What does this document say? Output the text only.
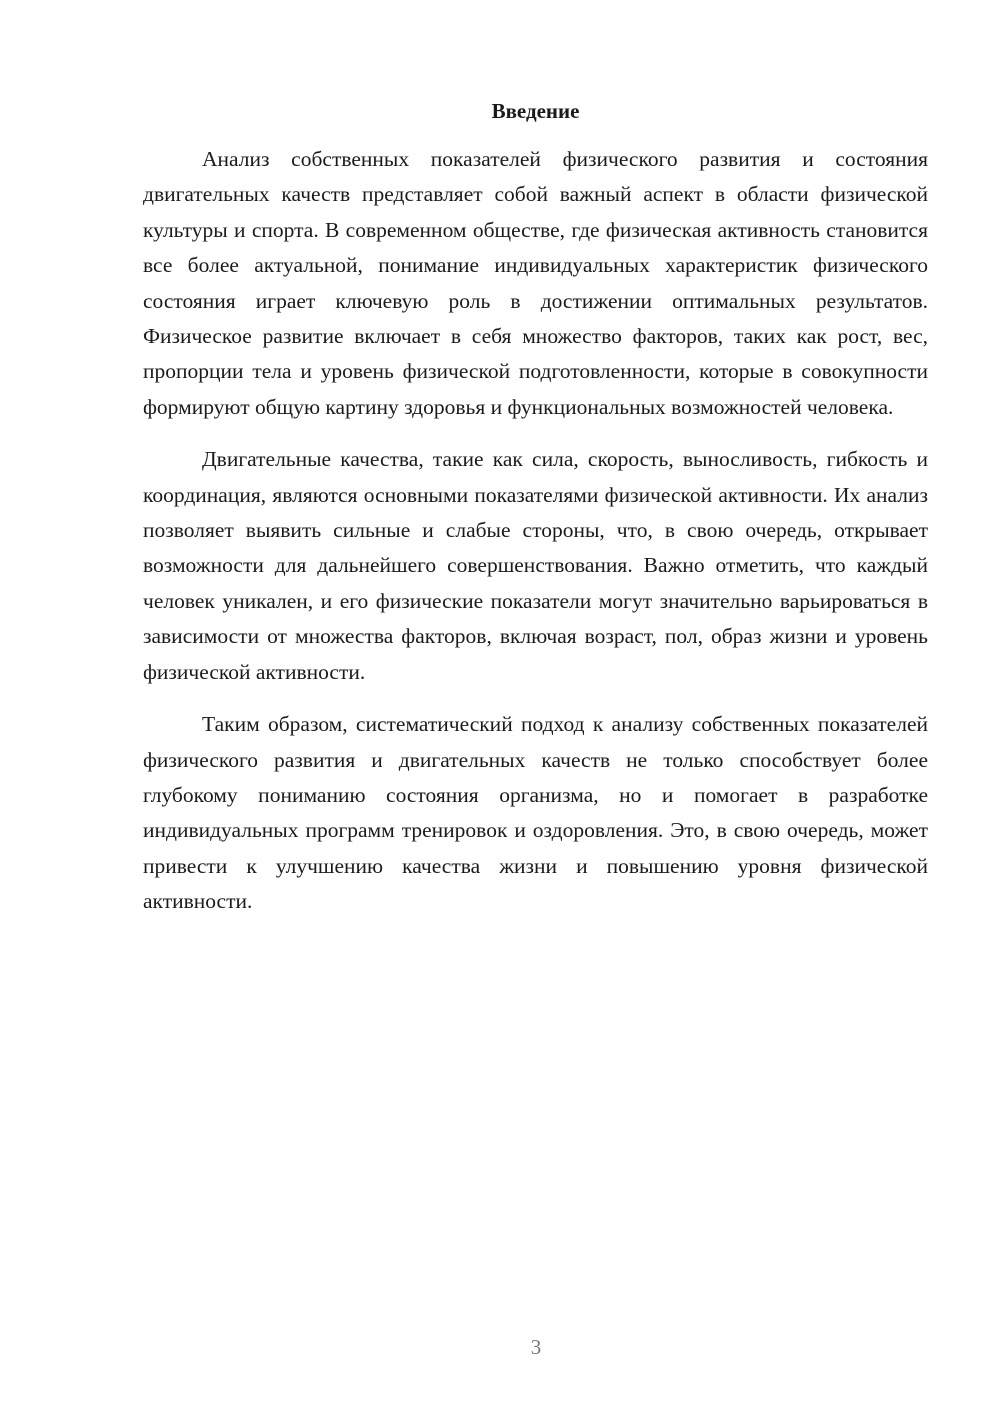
Введение

Анализ собственных показателей физического развития и состояния двигательных качеств представляет собой важный аспект в области физической культуры и спорта. В современном обществе, где физическая активность становится все более актуальной, понимание индивидуальных характеристик физического состояния играет ключевую роль в достижении оптимальных результатов. Физическое развитие включает в себя множество факторов, таких как рост, вес, пропорции тела и уровень физической подготовленности, которые в совокупности формируют общую картину здоровья и функциональных возможностей человека.

Двигательные качества, такие как сила, скорость, выносливость, гибкость и координация, являются основными показателями физической активности. Их анализ позволяет выявить сильные и слабые стороны, что, в свою очередь, открывает возможности для дальнейшего совершенствования. Важно отметить, что каждый человек уникален, и его физические показатели могут значительно варьироваться в зависимости от множества факторов, включая возраст, пол, образ жизни и уровень физической активности.

Таким образом, систематический подход к анализу собственных показателей физического развития и двигательных качеств не только способствует более глубокому пониманию состояния организма, но и помогает в разработке индивидуальных программ тренировок и оздоровления. Это, в свою очередь, может привести к улучшению качества жизни и повышению уровня физической активности.

3
